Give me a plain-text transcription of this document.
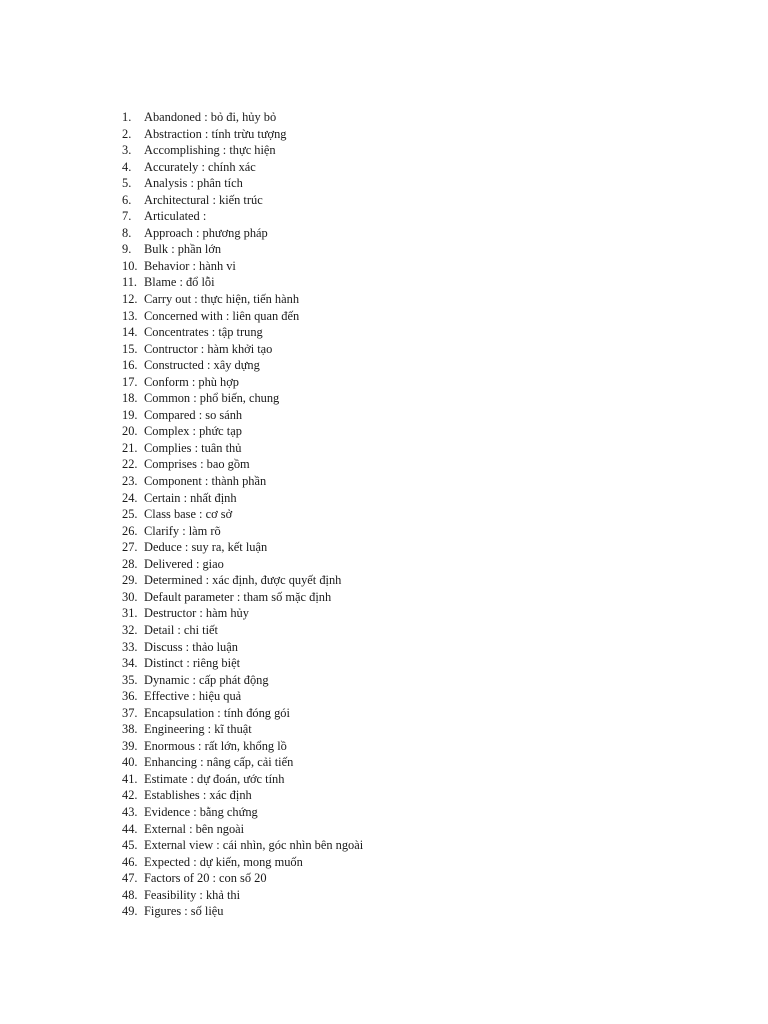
1.	Abandoned : bỏ đi, hủy bỏ
2.	Abstraction : tính trừu tượng
3.	Accomplishing : thực hiện
4.	Accurately : chính xác
5.	Analysis : phân tích
6.	Architectural : kiến trúc
7.	Articulated :
8.	Approach : phương pháp
9.	Bulk : phần lớn
10. Behavior : hành vi
11. Blame : đổ lỗi
12. Carry out : thực hiện, tiến hành
13. Concerned with : liên quan đến
14. Concentrates : tập trung
15. Contructor : hàm khởi tạo
16. Constructed : xây dựng
17. Conform : phù hợp
18. Common : phổ biến, chung
19. Compared : so sánh
20. Complex : phức tạp
21. Complies : tuân thủ
22. Comprises : bao gồm
23. Component : thành phần
24. Certain : nhất định
25. Class base : cơ sở
26. Clarify : làm rõ
27. Deduce : suy ra, kết luận
28. Delivered : giao
29. Determined : xác định, được quyết định
30. Default parameter : tham số mặc định
31. Destructor : hàm hủy
32. Detail : chi tiết
33. Discuss : thảo luận
34. Distinct : riêng biệt
35. Dynamic : cấp phát động
36. Effective : hiệu quả
37. Encapsulation : tính đóng gói
38. Engineering : kĩ thuật
39. Enormous : rất lớn, khổng lồ
40. Enhancing : nâng cấp, cải tiến
41. Estimate : dự đoán, ước tính
42. Establishes : xác định
43. Evidence : bằng chứng
44. External : bên ngoài
45. External view : cái nhìn, góc nhìn bên ngoài
46. Expected : dự kiến, mong muốn
47. Factors of 20 : con số 20
48. Feasibility : khả thi
49. Figures : số liệu
